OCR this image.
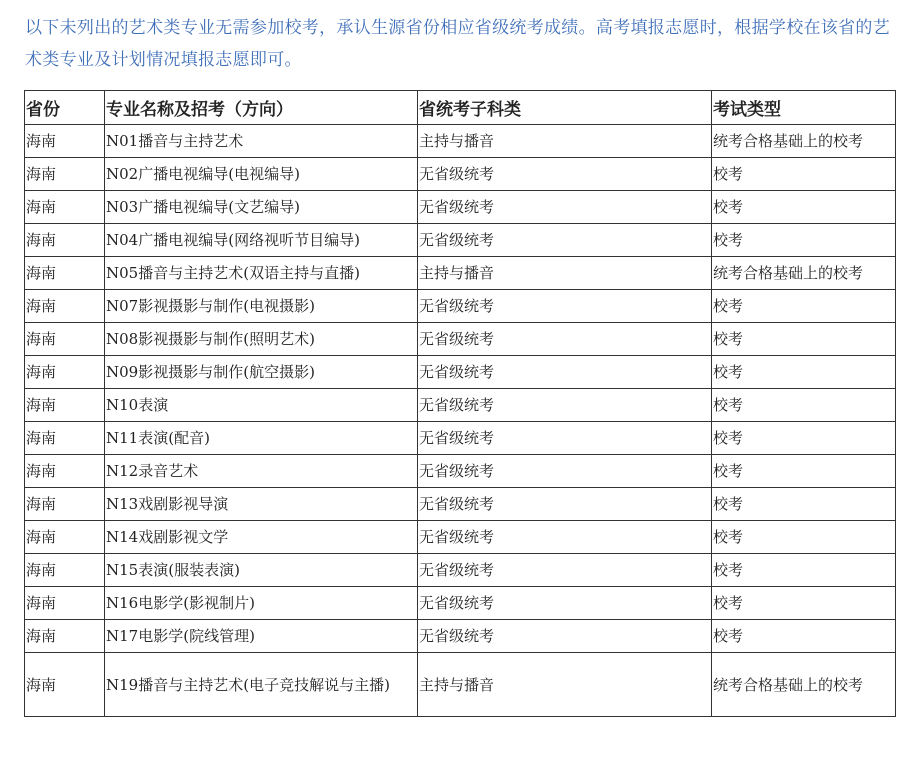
以下未列出的艺术类专业无需参加校考，承认生源省份相应省级统考成绩。高考填报志愿时，根据学校在该省的艺术类专业及计划情况填报志愿即可。

省份	专业名称及招考（方向）	省统考子科类	考试类型
海南	N01播音与主持艺术	主持与播音	统考合格基础上的校考
海南	N02广播电视编导(电视编导)	无省级统考	校考
海南	N03广播电视编导(文艺编导)	无省级统考	校考
海南	N04广播电视编导(网络视听节目编导)	无省级统考	校考
海南	N05播音与主持艺术(双语主持与直播)	主持与播音	统考合格基础上的校考
海南	N07影视摄影与制作(电视摄影)	无省级统考	校考
海南	N08影视摄影与制作(照明艺术)	无省级统考	校考
海南	N09影视摄影与制作(航空摄影)	无省级统考	校考
海南	N10表演	无省级统考	校考
海南	N11表演(配音)	无省级统考	校考
海南	N12录音艺术	无省级统考	校考
海南	N13戏剧影视导演	无省级统考	校考
海南	N14戏剧影视文学	无省级统考	校考
海南	N15表演(服装表演)	无省级统考	校考
海南	N16电影学(影视制片)	无省级统考	校考
海南	N17电影学(院线管理)	无省级统考	校考
海南	N19播音与主持艺术(电子竞技解说与主播)	主持与播音	统考合格基础上的校考
